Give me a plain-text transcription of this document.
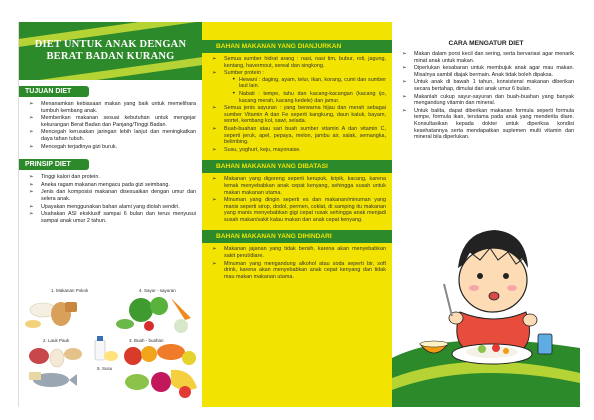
DIET UNTUK ANAK DENGAN BERAT BADAN KURANG
TUJUAN DIET
➢ Menanamkan kebiasaan makan yang baik untuk memelihara tumbuh kembang anak.
➢ Memberikan makanan sesuai kebutuhan untuk mengejar kekurangan Berat Badan dan Panjang/Tinggi Badan.
➢ Mencegah kerusakan jaringan lebih lanjut dan meningkatkan daya tahan tubuh.
➢ Mencegah terjadinya gizi buruk.
PRINSIP DIET
➢ Tinggi kalori dan protein.
➢ Aneka ragam makanan mengacu pada gizi seimbang.
➢ Jenis dan komposisi makanan disesuaikan dengan umur dan selera anak.
➢ Upayakan menggunakan bahan alami yang diolah sendiri.
➢ Usahakan ASI eksklusif sampai 6 bulan dan terus menyusui sampai anak umur 2 tahun.
1. Makanan Pokok	4. Sayur - sayuran
2. Lauk Pauk	3. Buah - buahan
5. Susu
BAHAN MAKANAN YANG DIANJURKAN
➢ Semua sumber hidrat arang : nasi, nasi tim, bubur, roti, jagung, kentang, havermout, sereal dan singkong.
➢ Sumber protein :
• Hewani : daging, ayam, telur, ikan, korang, cumi dan sumber laut lain.
• Nabati : tempe, tahu dan kacang-kacangan (kacang ijo, kacang merah, kacang kedele) dan jamur.
➢ Semua jenis sayuran : yang berwarna hijau dan merah sebagai sumber Vitamin A dan Fe seperti kangkung, daun katuk, bayam, wortel, kembang kol, sawi, selada.
➢ Buah-buahan atau sari buah sumber vitamin A dan vitamin C, seperti jeruk, apel, pepaya, melon, jambu air, salak, semangka, belimbing.
➢ Susu, yoghurt, keju, mayonaise.
BAHAN MAKANAN YANG DIBATASI
➢ Makanan yang digoreng seperti kerupuk, kripik, kacang, karena lemak menyebabkan anak cepat kenyang, sehingga susah untuk makan makanan utama.
➢ Minuman yang dingin seperti es dan makanan/minuman yang manis seperti sirop, dodol, permen, coklat, di samping itu makanan yang manis menyebabkan gigi cepat rusak sehingga anak menjadi susah makan/sakit kalau makan dan anak cepat kenyang.
BAHAN MAKANAN YANG DIHINDARI
➢ Makanan jajanan yang tidak bersih, karena akan menyebabkan sakit perut/diare.
➢ Minuman yang mengandung alkohol atau soda seperti bir, soft drink, karena akan menyebabkan anak cepat kenyang dan tidak mau makan makanan utama.
CARA MENGATUR DIET
➢ Makan dalam porsi kecil dan sering, serta bervariasi agar menarik minat anak untuk makan.
➢ Diperlukan kesabaran untuk membujuk anak agar mau makan. Misalnya sambil diajak bermain. Anak tidak boleh dipaksa.
➢ Untuk anak di bawah 1 tahun, konsistensi makanan diberikan secara bertahap, dimulai dari anak umur 6 bulan.
➢ Makanlah cukup sayur-sayuran dan buah-buahan yang banyak mengandung vitamin dan mineral.
➢ Untuk balita, dapat diberikan makanan formula seperti formula tempe, formula ikan, terutama pada anak yang menderita diare. Konsultasikan kepada dokter untuk diperiksa kondisi kesehatannya serta mendapatkan suplemen multi vitamin dan mineral bila diperlukan.
